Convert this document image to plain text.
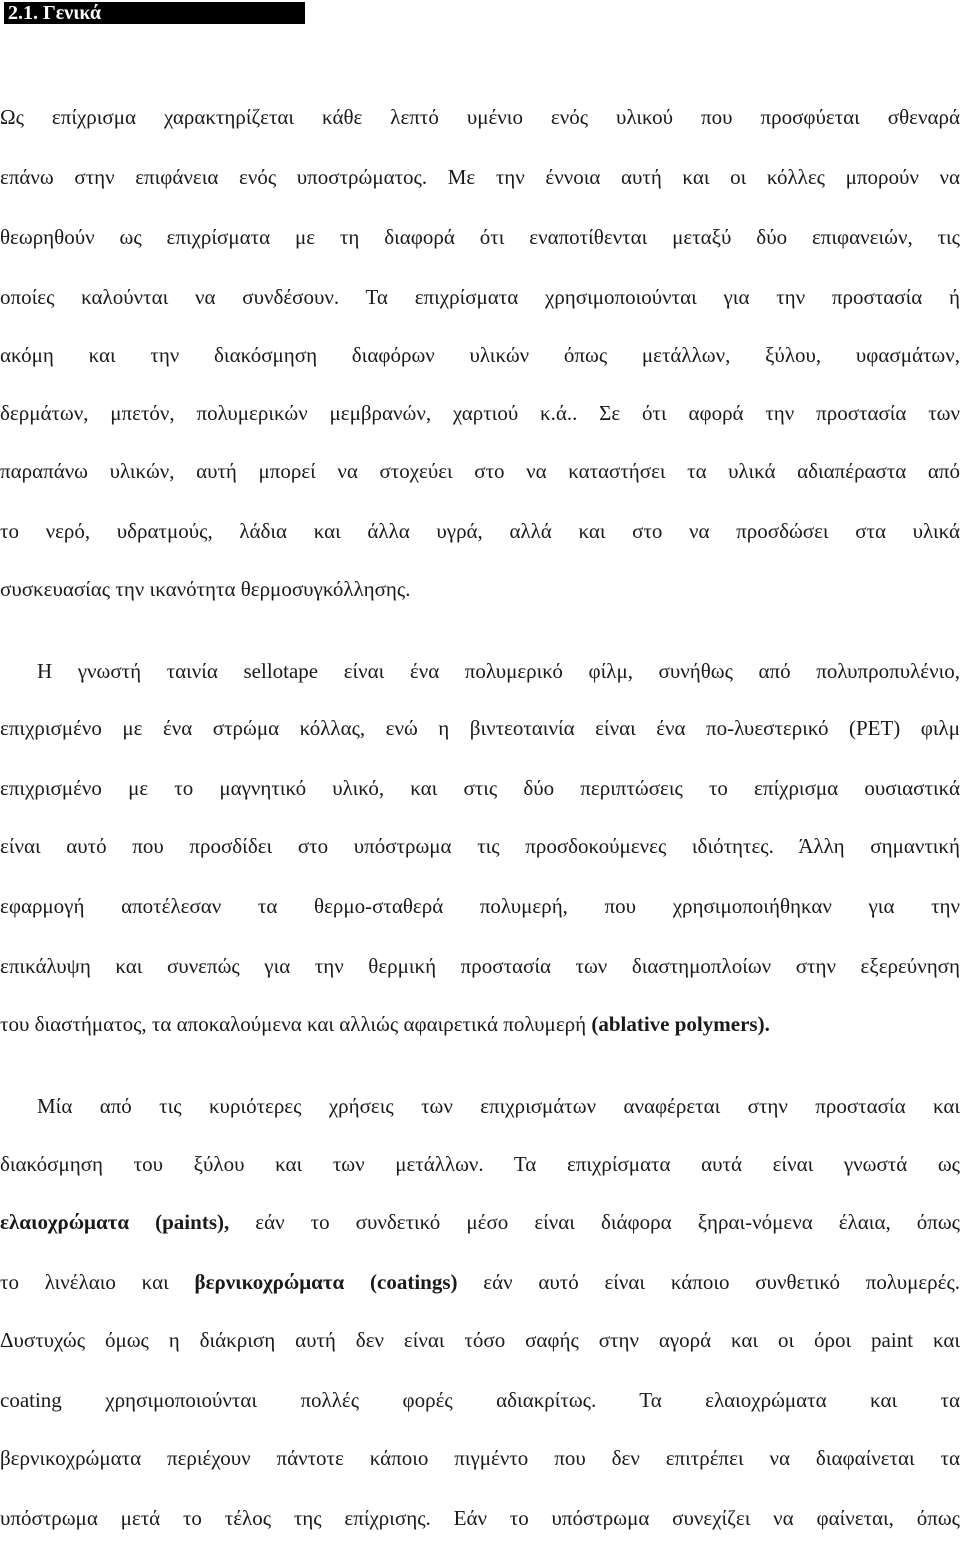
2.1. Γενικά

Ως επίχρισμα χαρακτηρίζεται κάθε λεπτό υμένιο ενός υλικού που προσφύεται σθεναρά

επάνω στην επιφάνεια ενός υποστρώματος. Με την έννοια αυτή και οι κόλλες μπορούν να

θεωρηθούν ως επιχρίσματα με τη διαφορά ότι εναποτίθενται μεταξύ δύο επιφανειών, τις

οποίες καλούνται να συνδέσουν. Τα επιχρίσματα χρησιμοποιούνται για την προστασία ή

ακόμη και την διακόσμηση διαφόρων υλικών όπως μετάλλων, ξύλου, υφασμάτων,

δερμάτων, μπετόν, πολυμερικών μεμβρανών, χαρτιού κ.ά.. Σε ότι αφορά την προστασία των

παραπάνω υλικών, αυτή μπορεί να στοχεύει στο να καταστήσει τα υλικά αδιαπέραστα από

το νερό, υδρατμούς, λάδια και άλλα υγρά, αλλά και στο να προσδώσει στα υλικά

συσκευασίας την ικανότητα θερμοσυγκόλλησης.

Η γνωστή ταινία sellotape είναι ένα πολυμερικό φίλμ, συνήθως από πολυπροπυλένιο,

επιχρισμένο με ένα στρώμα κόλλας, ενώ η βιντεοταινία είναι ένα πο-λυεστερικό (PET) φιλμ

επιχρισμένο με το μαγνητικό υλικό, και στις δύο περιπτώσεις το επίχρισμα ουσιαστικά

είναι αυτό που προσδίδει στο υπόστρωμα τις προσδοκούμενες ιδιότητες. Άλλη σημαντική

εφαρμογή αποτέλεσαν τα θερμο-σταθερά πολυμερή, που χρησιμοποιήθηκαν για την

επικάλυψη και συνεπώς για την θερμική προστασία των διαστημοπλοίων στην εξερεύνηση

του διαστήματος, τα αποκαλούμενα και αλλιώς αφαιρετικά πολυμερή (ablative polymers).

Μία από τις κυριότερες χρήσεις των επιχρισμάτων αναφέρεται στην προστασία και

διακόσμηση του ξύλου και των μετάλλων. Τα επιχρίσματα αυτά είναι γνωστά ως

ελαιοχρώματα (paints), εάν το συνδετικό μέσο είναι διάφορα ξηραι-νόμενα έλαια, όπως

το λινέλαιο και βερνικοχρώματα (coatings) εάν αυτό είναι κάποιο συνθετικό πολυμερές.

Δυστυχώς όμως η διάκριση αυτή δεν είναι τόσο σαφής στην αγορά και οι όροι paint και

coating χρησιμοποιούνται πολλές φορές αδιακρίτως. Τα ελαιοχρώματα και τα

βερνικοχρώματα περιέχουν πάντοτε κάποιο πιγμέντο που δεν επιτρέπει να διαφαίνεται τα

υπόστρωμα μετά το τέλος της επίχρισης. Εάν το υπόστρωμα συνεχίζει να φαίνεται, όπως
